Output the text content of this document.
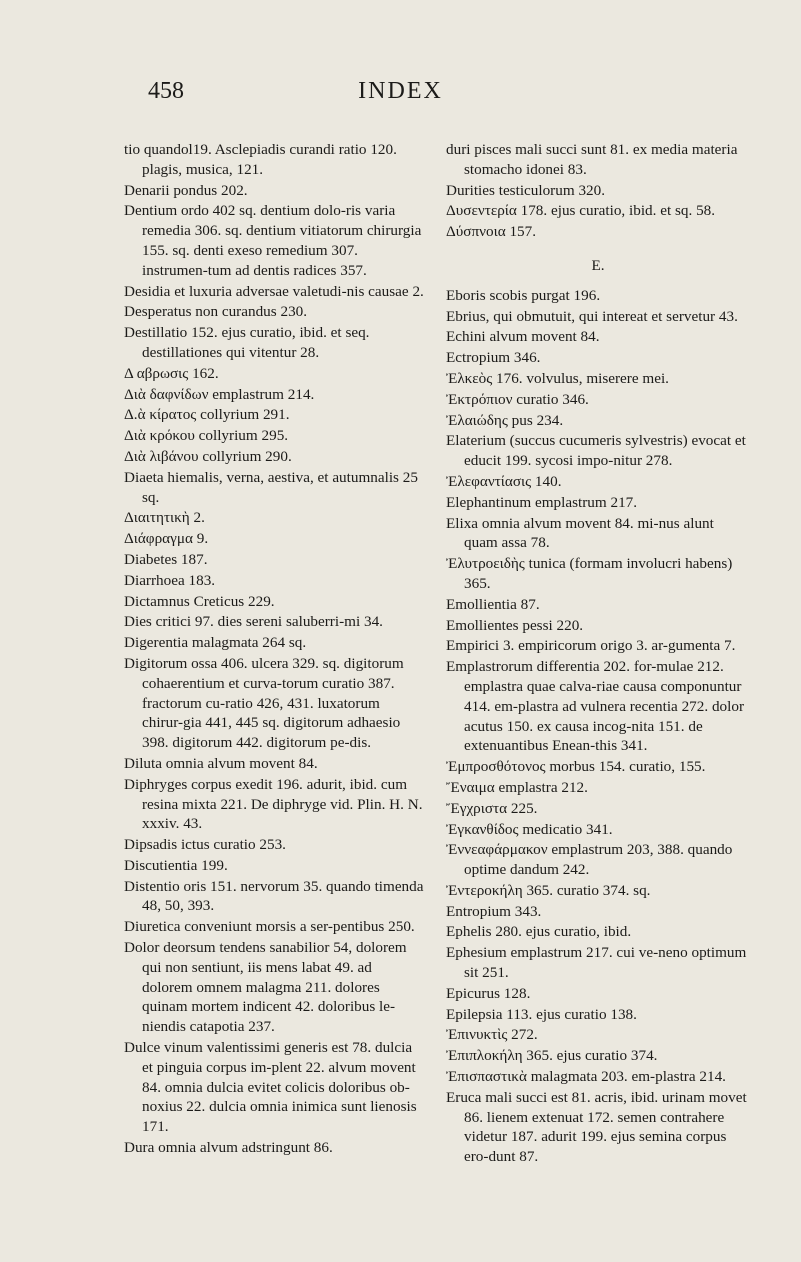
INDEX
458

tio quandol19. Asclepiadis curandi ratio 120. plagis, musica, 121.

Denarii pondus 202.

Dentium ordo 402 sq. dentium dolo-ris varia remedia 306. sq. dentium vitiatorum chirurgia 155. sq. denti exeso remedium 307. instrumen-tum ad dentis radices 357.

Desidia et luxuria adversae valetudi-nis causae 2.

Desperatus non curandus 230.

Destillatio 152. ejus curatio, ibid. et seq. destillationes qui vitentur 28.

Δ αβρωσις 162.

Διὰ δαφνίδων emplastrum 214.

Δ.ὰ κίρατος collyrium 291.

Διὰ κρόκου collyrium 295.

Διὰ λιβάνου collyrium 290.

Diaeta hiemalis, verna, aestiva, et autumnalis 25 sq.

Διαιτητικὴ 2.

Διάφραγμα 9.

Diabetes 187.

Diarrhoea 183.

Dictamnus Creticus 229.

Dies critici 97. dies sereni saluberri-mi 34.

Digerentia malagmata 264 sq.

Digitorum ossa 406. ulcera 329. sq. digitorum cohaerentium et curva-torum curatio 387. fractorum cu-ratio 426, 431. luxatorum chirur-gia 441, 445 sq. digitorum adhaesio 398. digitorum 442. digitorum pe-dis.

Diluta omnia alvum movent 84.

Diphryges corpus exedit 196. adurit, ibid. cum resina mixta 221. De diphryge vid. Plin. H. N. xxxiv. 43.

Dipsadis ictus curatio 253.

Discutientia 199.

Distentio oris 151. nervorum 35. quando timenda 48, 50, 393.

Diuretica conveniunt morsis a ser-pentibus 250.

Dolor deorsum tendens sanabilior 54, dolorem qui non sentiunt, iis mens labat 49. ad dolorem omnem malagma 211. dolores quinam mortem indicent 42. doloribus le-niendis catapotia 237.

Dulce vinum valentissimi generis est 78. dulcia et pinguia corpus im-plent 22. alvum movent 84. omnia dulcia evitet colicis doloribus ob-noxius 22. dulcia omnia inimica sunt lienosis 171.

Dura omnia alvum adstringunt 86.

duri pisces mali succi sunt 81. ex media materia stomacho idonei 83.

Durities testiculorum 320.

Δυσεντερία 178. ejus curatio, ibid. et sq. 58.

Δύσπνοια 157.

E.

Eboris scobis purgat 196.

Ebrius, qui obmutuit, qui intereat et servetur 43.

Echini alvum movent 84.

Ectropium 346.

Ἐλκεὸς 176. volvulus, miserere mei.

Ἐκτρόπιον curatio 346.

Ἐλαιώδης pus 234.

Elaterium (succus cucumeris sylvestris) evocat et educit 199. sycosi impo-nitur 278.

Ἐλεφαντίασις 140.

Elephantinum emplastrum 217.

Elixa omnia alvum movent 84. mi-nus alunt quam assa 78.

Ἐλυτροειδὴς tunica (formam involucri habens) 365.

Emollientia 87.

Emollientes pessi 220.

Empirici 3. empiricorum origo 3. ar-gumenta 7.

Emplastrorum differentia 202. for-mulae 212. emplastra quae calva-riae causa componuntur 414. em-plastra ad vulnera recentia 272. dolor acutus 150. ex causa incog-nita 151. de extenuantibus Enean-this 341.

Ἐμπροσθότονος morbus 154. curatio, 155.

Ἔναιμα emplastra 212.

Ἔγχριστα 225.

Ἐγκανθίδος medicatio 341.

Ἐννεαφάρμακον emplastrum 203, 388. quando optime dandum 242.

Ἐντεροκήλη 365. curatio 374. sq.

Entropium 343.

Ephelis 280. ejus curatio, ibid.

Ephesium emplastrum 217. cui ve-neno optimum sit 251.

Epicurus 128.

Epilepsia 113. ejus curatio 138.

Ἐπινυκτὶς 272.

Ἐπιπλοκήλη 365. ejus curatio 374.

Ἐπισπαστικὰ malagmata 203. em-plastra 214.

Eruca mali succi est 81. acris, ibid. urinam movet 86. lienem extenuat 172. semen contrahere videtur 187. adurit 199. ejus semina corpus ero-dunt 87.
